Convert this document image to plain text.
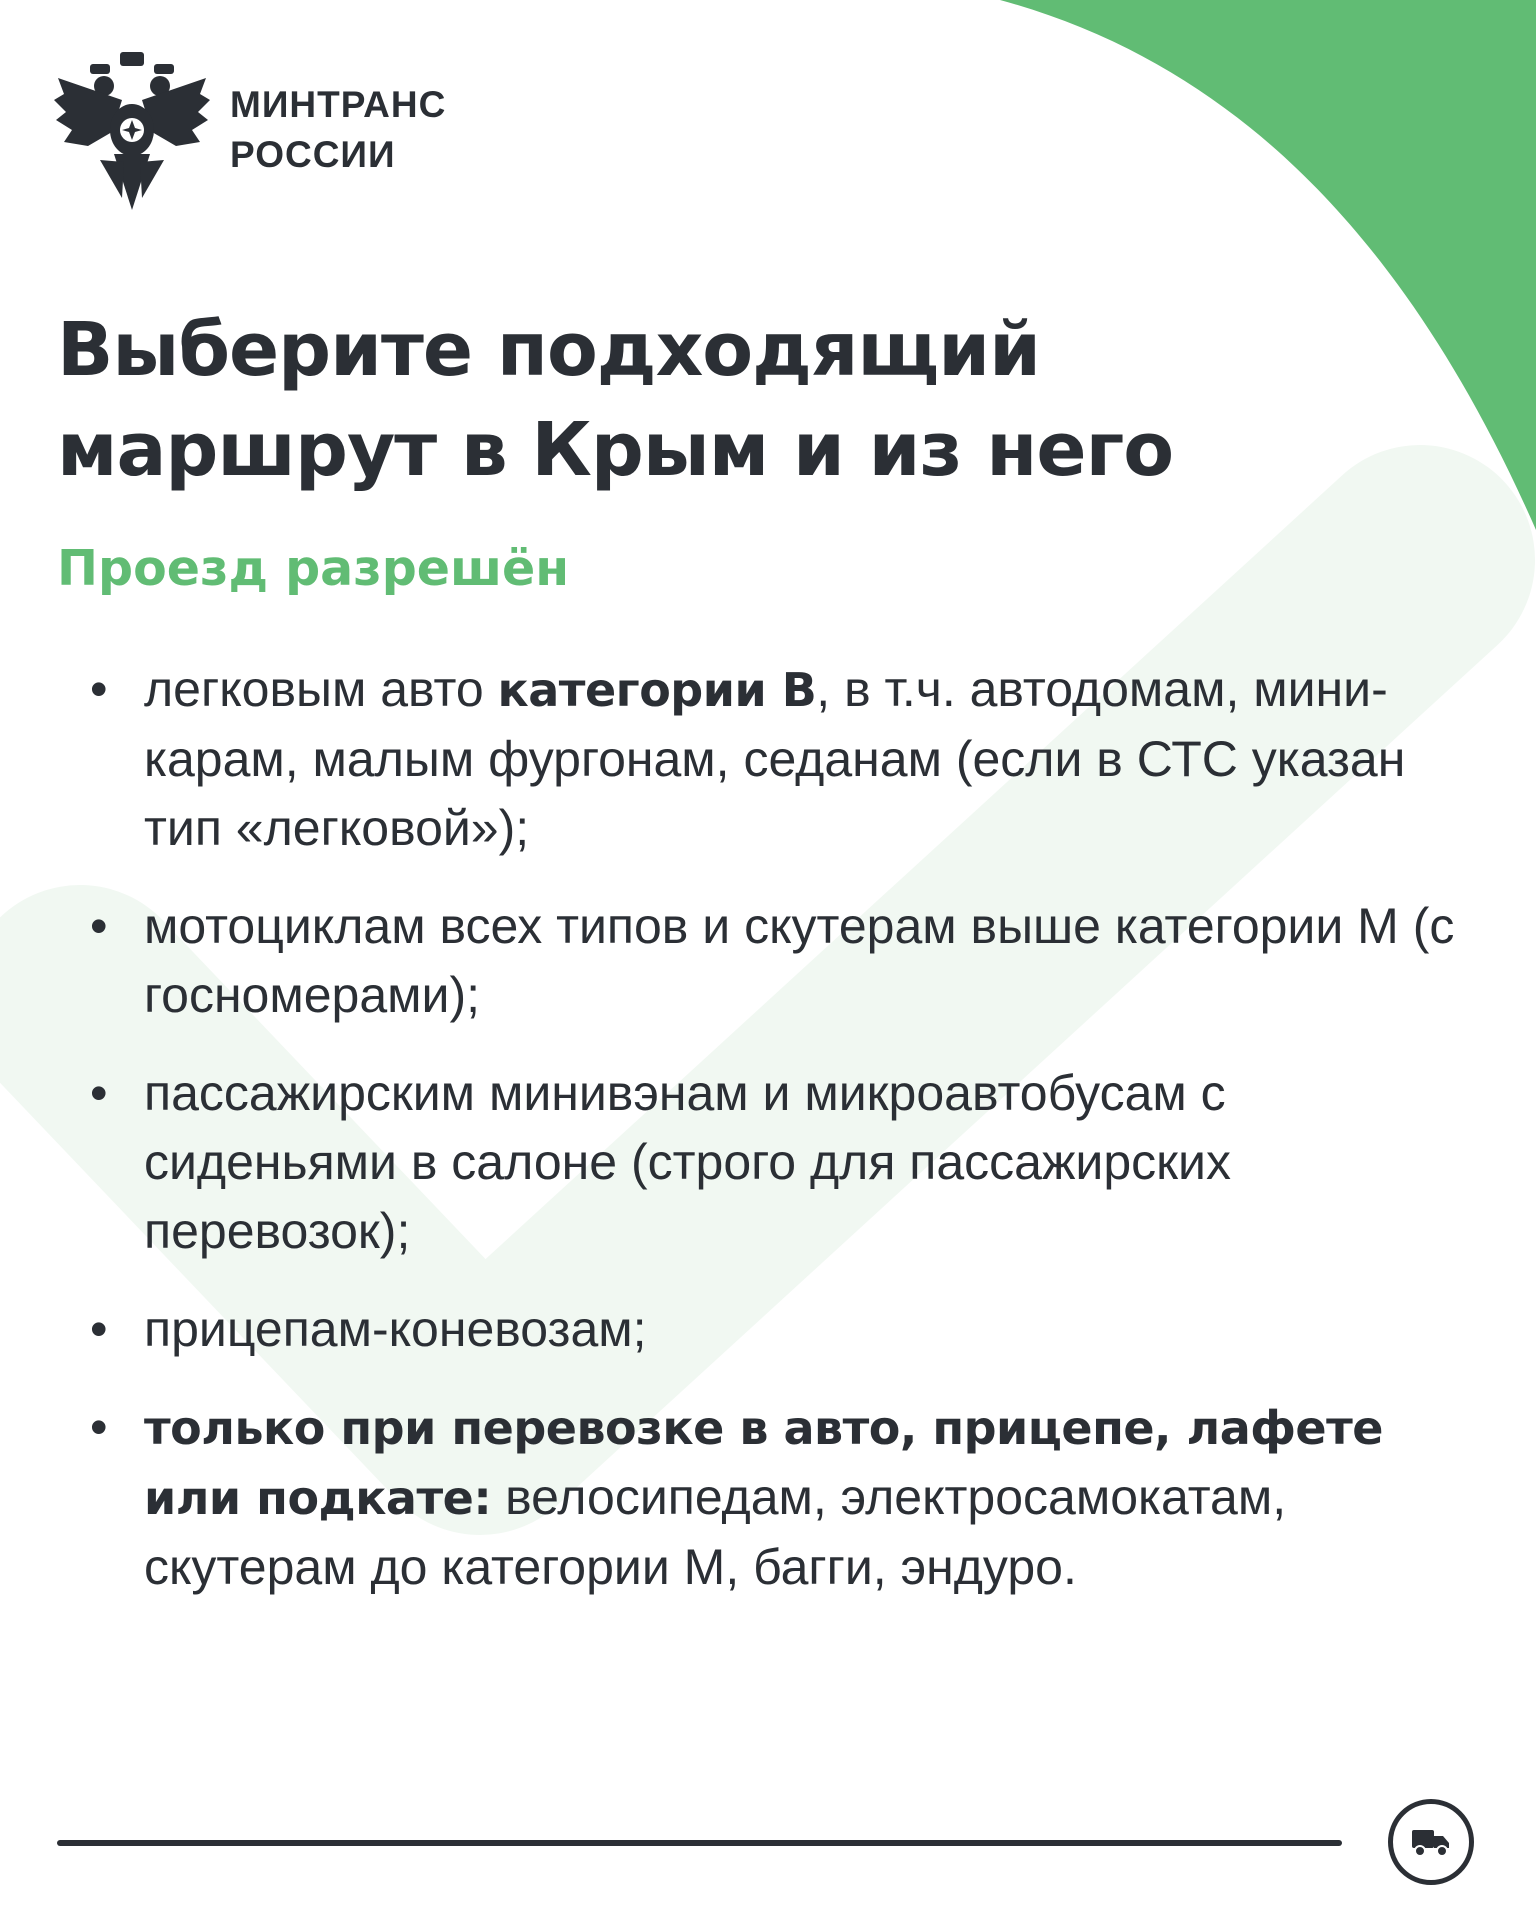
МИНТРАНС
РОССИИ
Выберите подходящий
маршрут в Крым и из него
Проезд разрешён
• легковым авто категории B, в т.ч. автодомам, мини-карам, малым фургонам, седанам (если в СТС указан тип «легковой»);
• мотоциклам всех типов и скутерам выше категории М (с госномерами);
• пассажирским минивэнам и микроавтобусам с сиденьями в салоне (строго для пассажирских перевозок);
• прицепам-коневозам;
• только при перевозке в авто, прицепе, лафете или подкате: велосипедам, электросамокатам, скутерам до категории М, багги, эндуро.
